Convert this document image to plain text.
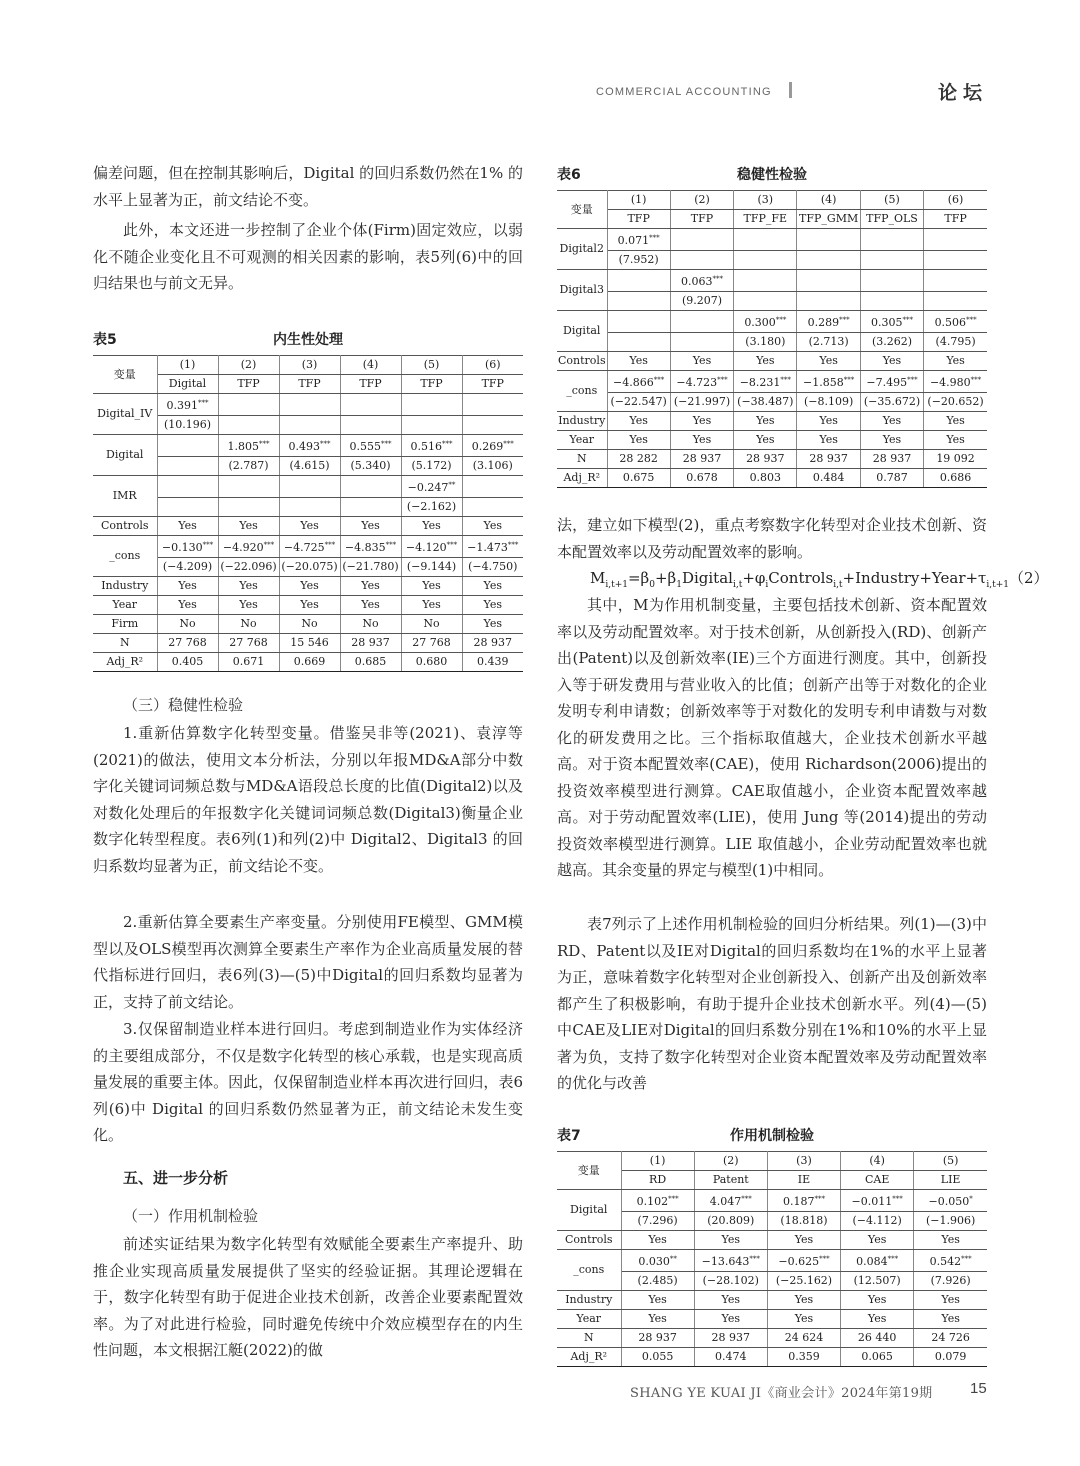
COMMERCIAL ACCOUNTING	论坛
偏差问题，但在控制其影响后，Digital 的回归系数仍然在1% 的水平上显著为正，前文结论不变。
此外，本文还进一步控制了企业个体(Firm)固定效应，以弱化不随企业变化且不可观测的相关因素的影响，表5列(6)中的回归结果也与前文无异。
表5	内生性处理
变量	(1)	(2)	(3)	(4)	(5)	(6)
	Digital	TFP	TFP	TFP	TFP	TFP
Digital_IV	0.391***					
	(10.196)					
Digital		1.805***	0.493***	0.555***	0.516***	0.269***
		(2.787)	(4.615)	(5.340)	(5.172)	(3.106)
IMR					−0.247**	
					(−2.162)	
Controls	Yes	Yes	Yes	Yes	Yes	Yes
_cons	−0.130***	−4.920***	−4.725***	−4.835***	−4.120***	−1.473***
	(−4.209)	(−22.096)	(−20.075)	(−21.780)	(−9.144)	(−4.750)
Industry	Yes	Yes	Yes	Yes	Yes	Yes
Year	Yes	Yes	Yes	Yes	Yes	Yes
Firm	No	No	No	No	No	Yes
N	27 768	27 768	15 546	28 937	27 768	28 937
Adj_R²	0.405	0.671	0.669	0.685	0.680	0.439
（三）稳健性检验
1.重新估算数字化转型变量。借鉴吴非等(2021)、袁淳等(2021)的做法，使用文本分析法，分别以年报MD&A部分中数字化关键词词频总数与MD&A语段总长度的比值(Digital2)以及对数化处理后的年报数字化关键词词频总数(Digital3)衡量企业数字化转型程度。表6列(1)和列(2)中 Digital2、Digital3 的回归系数均显著为正，前文结论不变。
2.重新估算全要素生产率变量。分别使用FE模型、GMM模型以及OLS模型再次测算全要素生产率作为企业高质量发展的替代指标进行回归，表6列(3)—(5)中Digital的回归系数均显著为正，支持了前文结论。
3.仅保留制造业样本进行回归。考虑到制造业作为实体经济的主要组成部分，不仅是数字化转型的核心承载，也是实现高质量发展的重要主体。因此，仅保留制造业样本再次进行回归，表6列(6)中 Digital 的回归系数仍然显著为正，前文结论未发生变化。
五、进一步分析
（一）作用机制检验
前述实证结果为数字化转型有效赋能全要素生产率提升、助推企业实现高质量发展提供了坚实的经验证据。其理论逻辑在于，数字化转型有助于促进企业技术创新，改善企业要素配置效率。为了对此进行检验，同时避免传统中介效应模型存在的内生性问题，本文根据江艇(2022)的做
表6	稳健性检验
变量	(1)	(2)	(3)	(4)	(5)	(6)
	TFP	TFP	TFP_FE	TFP_GMM	TFP_OLS	TFP
Digital2	0.071***					
	(7.952)					
Digital3		0.063***				
		(9.207)				
Digital			0.300***	0.289***	0.305***	0.506***
			(3.180)	(2.713)	(3.262)	(4.795)
Controls	Yes	Yes	Yes	Yes	Yes	Yes
_cons	−4.866***	−4.723***	−8.231***	−1.858***	−7.495***	−4.980***
	(−22.547)	(−21.997)	(−38.487)	(−8.109)	(−35.672)	(−20.652)
Industry	Yes	Yes	Yes	Yes	Yes	Yes
Year	Yes	Yes	Yes	Yes	Yes	Yes
N	28 282	28 937	28 937	28 937	28 937	19 092
Adj_R²	0.675	0.678	0.803	0.484	0.787	0.686
法，建立如下模型(2)，重点考察数字化转型对企业技术创新、资本配置效率以及劳动配置效率的影响。
$M_{i,t+1}=\beta_0+\beta_1Digital_{i,t}+\varphi_iControls_{i,t}+Industry+Year+\tau_{i,t+1}(2)$
其中，M为作用机制变量，主要包括技术创新、资本配置效率以及劳动配置效率。对于技术创新，从创新投入(RD)、创新产出(Patent)以及创新效率(IE)三个方面进行测度。其中，创新投入等于研发费用与营业收入的比值；创新产出等于对数化的企业发明专利申请数；创新效率等于对数化的发明专利申请数与对数化的研发费用之比。三个指标取值越大，企业技术创新水平越高。对于资本配置效率(CAE)，使用 Richardson(2006)提出的投资效率模型进行测算。CAE取值越小，企业资本配置效率越高。对于劳动配置效率(LIE)，使用 Jung 等(2014)提出的劳动投资效率模型进行测算。LIE 取值越小，企业劳动配置效率也就越高。其余变量的界定与模型(1)中相同。
表7列示了上述作用机制检验的回归分析结果。列(1)—(3)中RD、Patent以及IE对Digital的回归系数均在1%的水平上显著为正，意味着数字化转型对企业创新投入、创新产出及创新效率都产生了积极影响，有助于提升企业技术创新水平。列(4)—(5)中CAE及LIE对Digital的回归系数分别在1%和10%的水平上显著为负，支持了数字化转型对企业资本配置效率及劳动配置效率的优化与改善
表7	作用机制检验
变量	(1)	(2)	(3)	(4)	(5)
	RD	Patent	IE	CAE	LIE
Digital	0.102***	4.047***	0.187***	−0.011***	−0.050*
	(7.296)	(20.809)	(18.818)	(−4.112)	(−1.906)
Controls	Yes	Yes	Yes	Yes	Yes
_cons	0.030**	−13.643***	−0.625***	0.084***	0.542***
	(2.485)	(−28.102)	(−25.162)	(12.507)	(7.926)
Industry	Yes	Yes	Yes	Yes	Yes
Year	Yes	Yes	Yes	Yes	Yes
N	28 937	28 937	24 624	26 440	24 726
Adj_R²	0.055	0.474	0.359	0.065	0.079
SHANG YE KUAI JI《商业会计》2024年第19期	15
